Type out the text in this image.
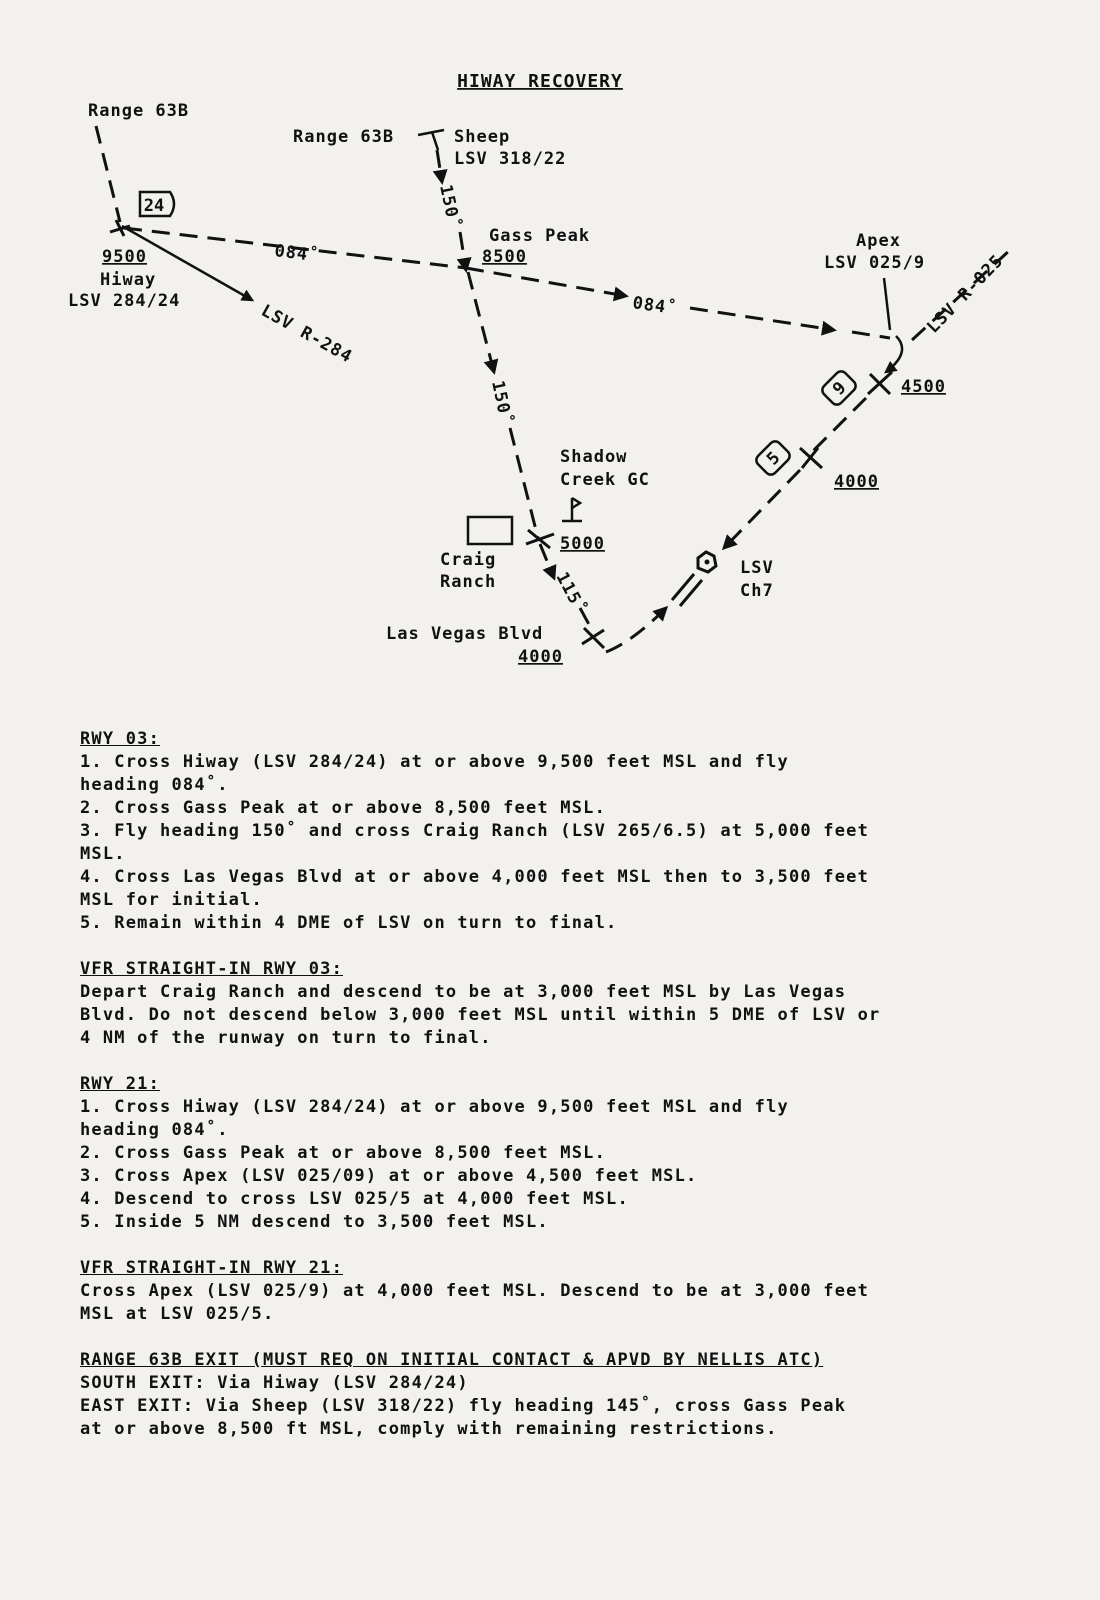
HIWAY RECOVERY
Range 63B
24
9500
Hiway
LSV 284/24	LSV R-284
084˚
084˚
Range 63B	Sheep
LSV 318/22
150˚
Gass Peak
8500
150˚
Craig
Ranch
5000
Shadow
Creek GC
115˚
Las Vegas Blvd
4000
LSV
Ch7
Apex
LSV 025/9
LSV R-025
4500
9
4000
5
RWY 03:
1. Cross Hiway (LSV 284/24) at or above 9,500 feet MSL and fly
heading 084˚.
2. Cross Gass Peak at or above 8,500 feet MSL.
3. Fly heading 150˚ and cross Craig Ranch (LSV 265/6.5) at 5,000 feet
MSL.
4. Cross Las Vegas Blvd at or above 4,000 feet MSL then to 3,500 feet
MSL for initial.
5. Remain within 4 DME of LSV on turn to final.
VFR STRAIGHT-IN RWY 03:
Depart Craig Ranch and descend to be at 3,000 feet MSL by Las Vegas
Blvd. Do not descend below 3,000 feet MSL until within 5 DME of LSV or
4 NM of the runway on turn to final.
RWY 21:
1. Cross Hiway (LSV 284/24) at or above 9,500 feet MSL and fly
heading 084˚.
2. Cross Gass Peak at or above 8,500 feet MSL.
3. Cross Apex (LSV 025/09) at or above 4,500 feet MSL.
4. Descend to cross LSV 025/5 at 4,000 feet MSL.
5. Inside 5 NM descend to 3,500 feet MSL.
VFR STRAIGHT-IN RWY 21:
Cross Apex (LSV 025/9) at 4,000 feet MSL. Descend to be at 3,000 feet
MSL at LSV 025/5.
RANGE 63B EXIT (MUST REQ ON INITIAL CONTACT & APVD BY NELLIS ATC)
SOUTH EXIT: Via Hiway (LSV 284/24)
EAST EXIT: Via Sheep (LSV 318/22) fly heading 145˚, cross Gass Peak
at or above 8,500 ft MSL, comply with remaining restrictions.
